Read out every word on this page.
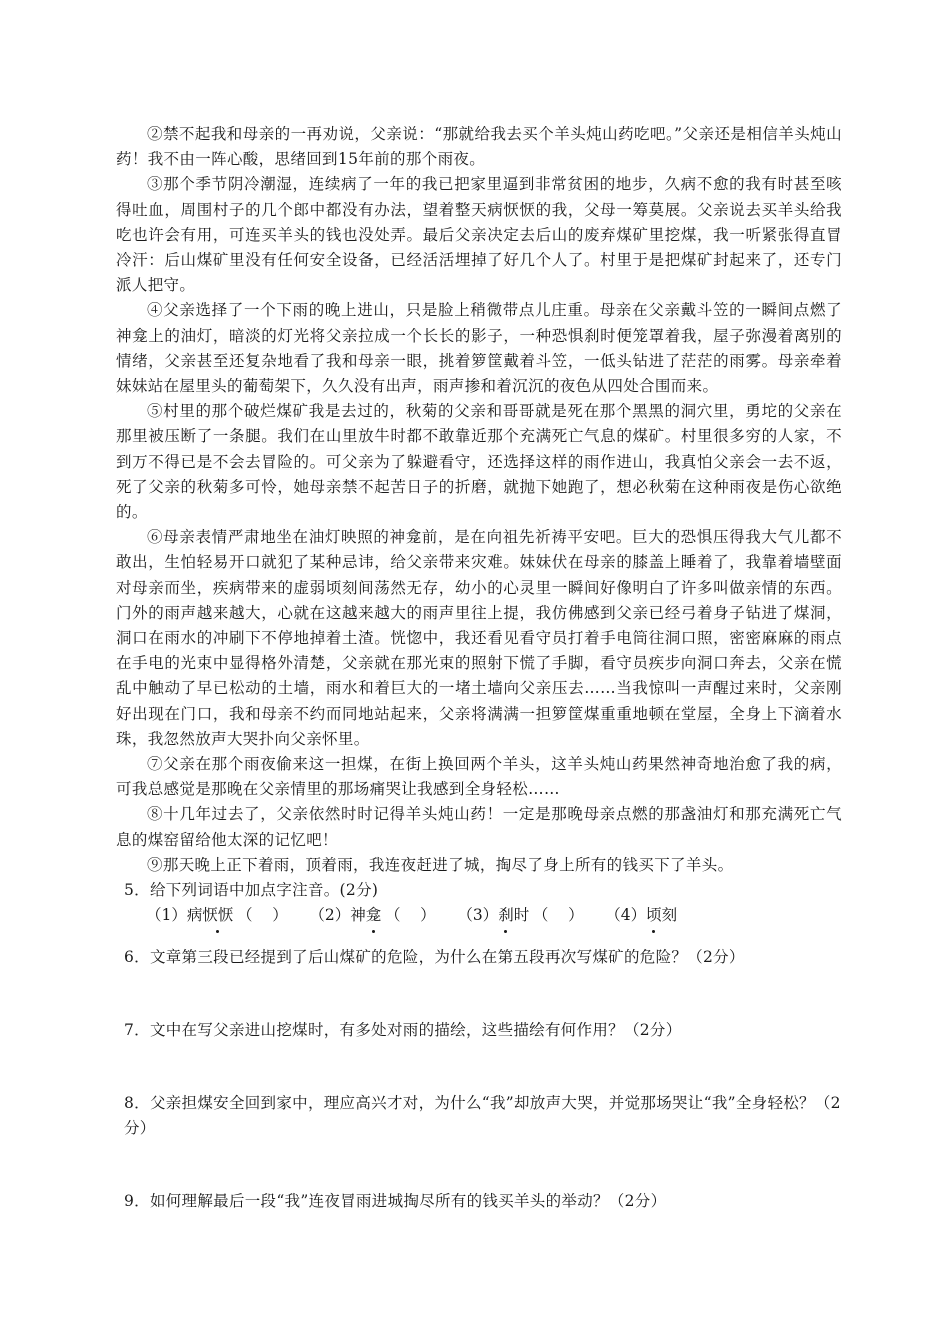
②禁不起我和母亲的一再劝说，父亲说：“那就给我去买个羊头炖山药吃吧。”父亲还是相信羊头炖山药！我不由一阵心酸，思绪回到15年前的那个雨夜。

③那个季节阴冷潮湿，连续病了一年的我已把家里逼到非常贫困的地步，久病不愈的我有时甚至咳得吐血，周围村子的几个郎中都没有办法，望着整天病恹恹的我，父母一筹莫展。父亲说去买羊头给我吃也许会有用，可连买羊头的钱也没处弄。最后父亲决定去后山的废弃煤矿里挖煤，我一听紧张得直冒冷汗：后山煤矿里没有任何安全设备，已经活活埋掉了好几个人了。村里于是把煤矿封起来了，还专门派人把守。

④父亲选择了一个下雨的晚上进山，只是脸上稍微带点儿庄重。母亲在父亲戴斗笠的一瞬间点燃了神龛上的油灯，暗淡的灯光将父亲拉成一个长长的影子，一种恐惧刹时便笼罩着我，屋子弥漫着离别的情绪，父亲甚至还复杂地看了我和母亲一眼，挑着箩筐戴着斗笠，一低头钻进了茫茫的雨雾。母亲牵着妹妹站在屋里头的葡萄架下，久久没有出声，雨声掺和着沉沉的夜色从四处合围而来。

⑤村里的那个破烂煤矿我是去过的，秋菊的父亲和哥哥就是死在那个黑黑的洞穴里，勇坨的父亲在那里被压断了一条腿。我们在山里放牛时都不敢靠近那个充满死亡气息的煤矿。村里很多穷的人家，不到万不得已是不会去冒险的。可父亲为了躲避看守，还选择这样的雨作进山，我真怕父亲会一去不返，死了父亲的秋菊多可怜，她母亲禁不起苦日子的折磨，就抛下她跑了，想必秋菊在这种雨夜是伤心欲绝的。

⑥母亲表情严肃地坐在油灯映照的神龛前，是在向祖先祈祷平安吧。巨大的恐惧压得我大气儿都不敢出，生怕轻易开口就犯了某种忌讳，给父亲带来灾难。妹妹伏在母亲的膝盖上睡着了，我靠着墙壁面对母亲而坐，疾病带来的虚弱顷刻间荡然无存，幼小的心灵里一瞬间好像明白了许多叫做亲情的东西。门外的雨声越来越大，心就在这越来越大的雨声里往上提，我仿佛感到父亲已经弓着身子钻进了煤洞，洞口在雨水的冲刷下不停地掉着土渣。恍惚中，我还看见看守员打着手电筒往洞口照，密密麻麻的雨点在手电的光束中显得格外清楚，父亲就在那光束的照射下慌了手脚，看守员疾步向洞口奔去，父亲在慌乱中触动了早已松动的土墙，雨水和着巨大的一堵土墙向父亲压去……当我惊叫一声醒过来时，父亲刚好出现在门口，我和母亲不约而同地站起来，父亲将满满一担箩筐煤重重地顿在堂屋，全身上下滴着水珠，我忽然放声大哭扑向父亲怀里。

⑦父亲在那个雨夜偷来这一担煤，在街上换回两个羊头，这羊头炖山药果然神奇地治愈了我的病，可我总感觉是那晚在父亲情里的那场痛哭让我感到全身轻松……

⑧十几年过去了，父亲依然时时记得羊头炖山药！一定是那晚母亲点燃的那盏油灯和那充满死亡气息的煤窑留给他太深的记忆吧！

⑨那天晚上正下着雨，顶着雨，我连夜赶进了城，掏尽了身上所有的钱买下了羊头。

5．给下列词语中加点字注音。(2分)

（1） 病 恹恹 （ ） （2） 神 龛 （ ） （3） 刹 时 （ ） （4） 顷 刻

6．文章第三段已经提到了后山煤矿的危险，为什么在第五段再次写煤矿的危险？（2分）

7．文中在写父亲进山挖煤时，有多处对雨的描绘，这些描绘有何作用？（2分）

8．父亲担煤安全回到家中，理应高兴才对，为什么“我”却放声大哭，并觉那场哭让“我”全身轻松？（2分）

9．如何理解最后一段“我”连夜冒雨进城掏尽所有的钱买羊头的举动？（2分）
